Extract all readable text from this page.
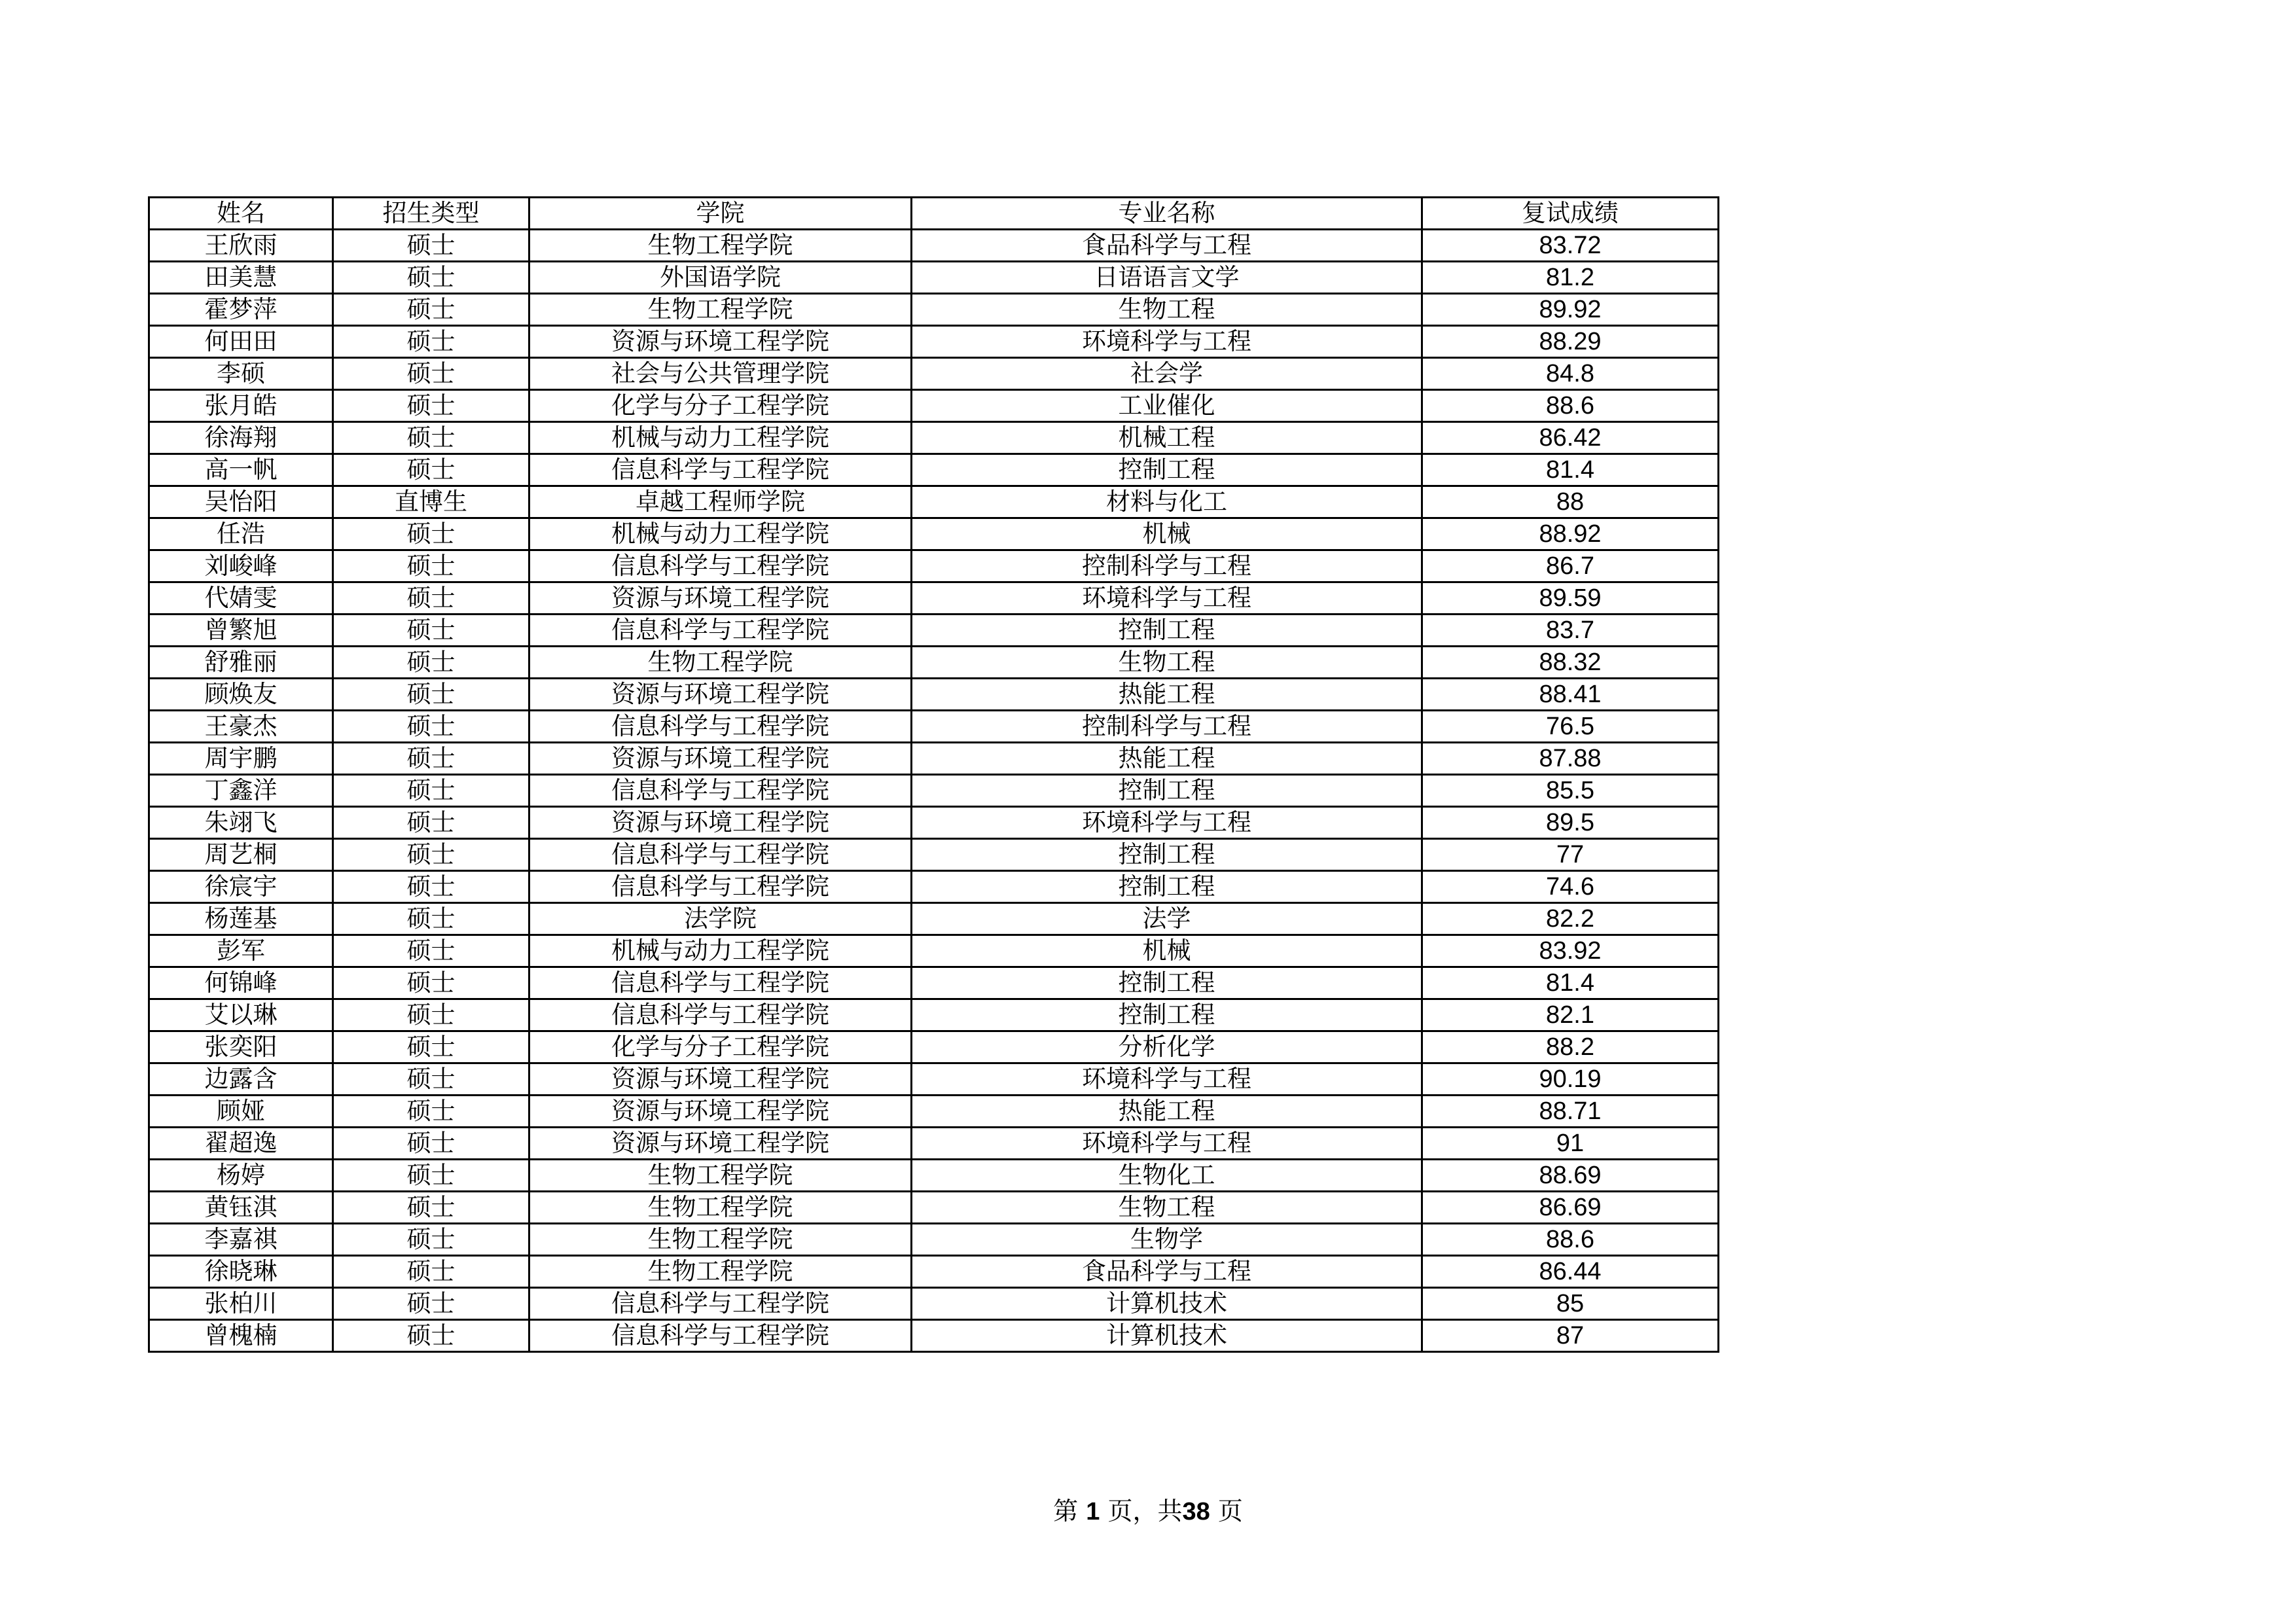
姓名	招生类型	学院	专业名称	复试成绩
王欣雨	硕士	生物工程学院	食品科学与工程	83.72
田美慧	硕士	外国语学院	日语语言文学	81.2
霍梦萍	硕士	生物工程学院	生物工程	89.92
何田田	硕士	资源与环境工程学院	环境科学与工程	88.29
李硕	硕士	社会与公共管理学院	社会学	84.8
张月皓	硕士	化学与分子工程学院	工业催化	88.6
徐海翔	硕士	机械与动力工程学院	机械工程	86.42
高一帆	硕士	信息科学与工程学院	控制工程	81.4
吴怡阳	直博生	卓越工程师学院	材料与化工	88
任浩	硕士	机械与动力工程学院	机械	88.92
刘峻峰	硕士	信息科学与工程学院	控制科学与工程	86.7
代婧雯	硕士	资源与环境工程学院	环境科学与工程	89.59
曾繁旭	硕士	信息科学与工程学院	控制工程	83.7
舒雅丽	硕士	生物工程学院	生物工程	88.32
顾焕友	硕士	资源与环境工程学院	热能工程	88.41
王豪杰	硕士	信息科学与工程学院	控制科学与工程	76.5
周宇鹏	硕士	资源与环境工程学院	热能工程	87.88
丁鑫洋	硕士	信息科学与工程学院	控制工程	85.5
朱翊飞	硕士	资源与环境工程学院	环境科学与工程	89.5
周艺桐	硕士	信息科学与工程学院	控制工程	77
徐宸宇	硕士	信息科学与工程学院	控制工程	74.6
杨莲基	硕士	法学院	法学	82.2
彭军	硕士	机械与动力工程学院	机械	83.92
何锦峰	硕士	信息科学与工程学院	控制工程	81.4
艾以琳	硕士	信息科学与工程学院	控制工程	82.1
张奕阳	硕士	化学与分子工程学院	分析化学	88.2
边露含	硕士	资源与环境工程学院	环境科学与工程	90.19
顾娅	硕士	资源与环境工程学院	热能工程	88.71
翟超逸	硕士	资源与环境工程学院	环境科学与工程	91
杨婷	硕士	生物工程学院	生物化工	88.69
黄钰淇	硕士	生物工程学院	生物工程	86.69
李嘉祺	硕士	生物工程学院	生物学	88.6
徐晓琳	硕士	生物工程学院	食品科学与工程	86.44
张柏川	硕士	信息科学与工程学院	计算机技术	85
曾槐楠	硕士	信息科学与工程学院	计算机技术	87
第 1 页，共38 页
